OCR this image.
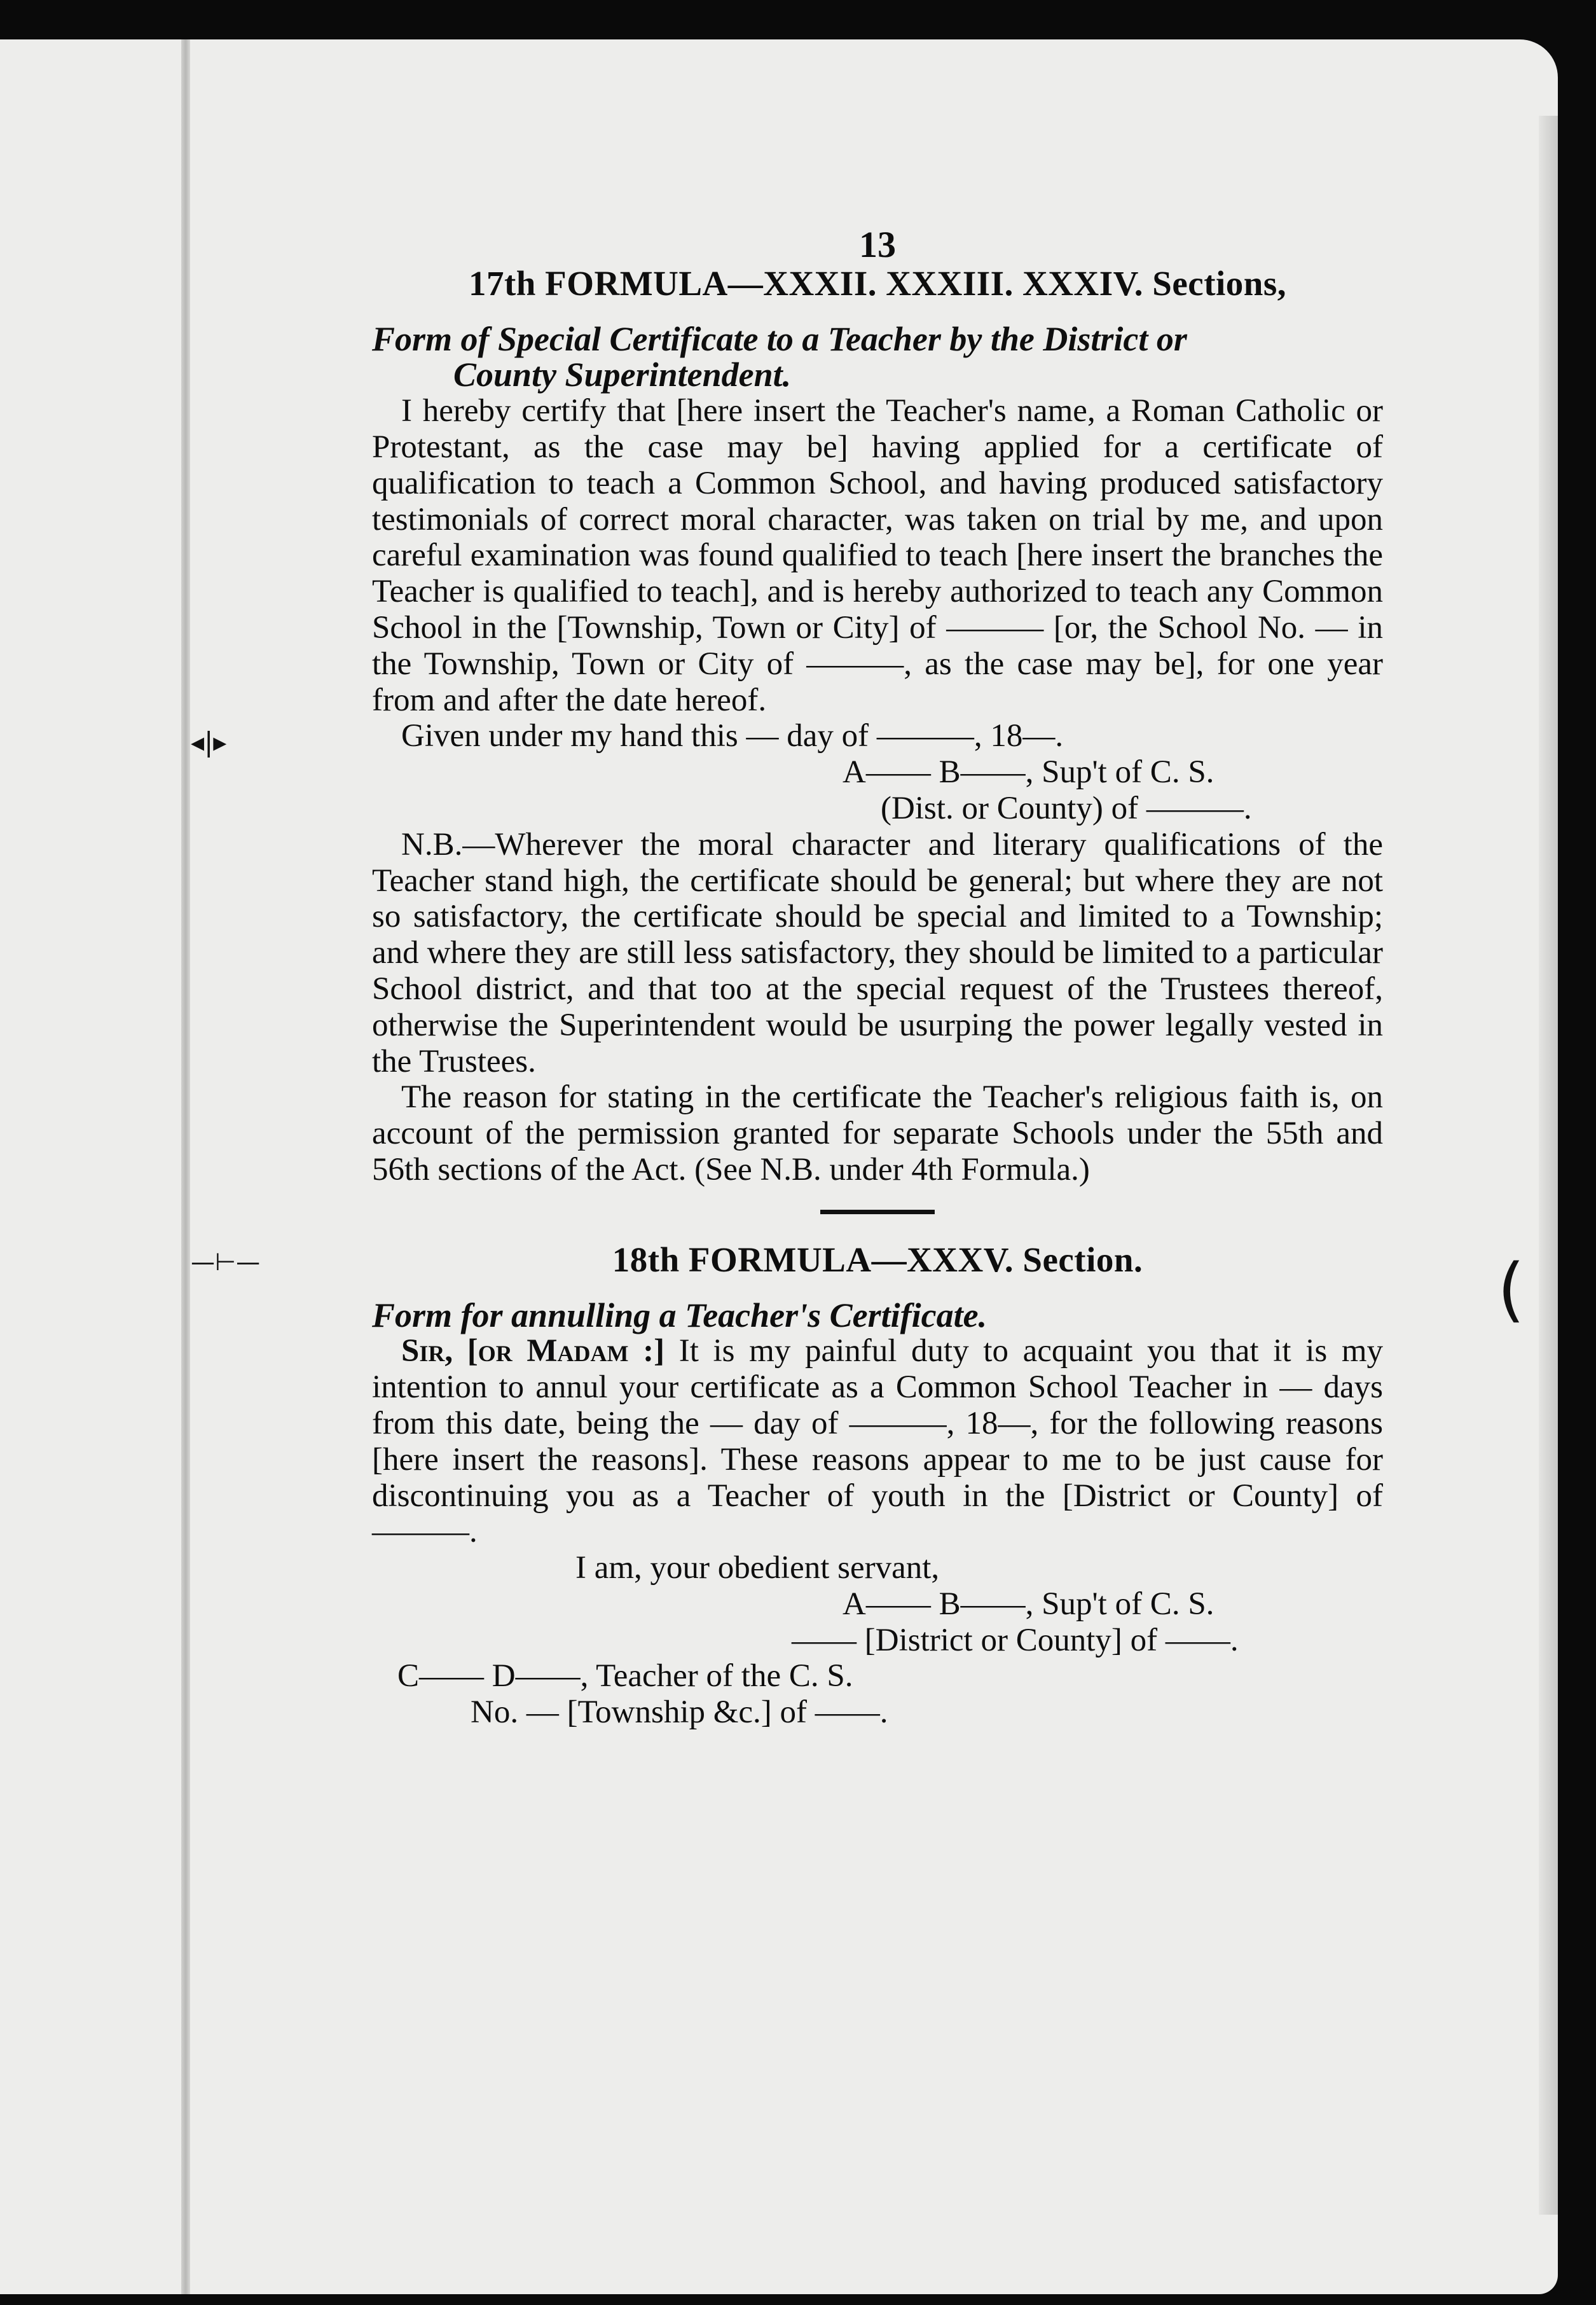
◂|▸
—⊢—	(
13
17th FORMULA—XXXII. XXXIII. XXXIV. Sections,
Form of Special Certificate to a Teacher by the District or
County Superintendent.

I hereby certify that [here insert the Teacher's name, a Roman Catholic or Protestant, as the case may be] having applied for a certificate of qualification to teach a Common School, and having produced satisfactory testimonials of correct moral character, was taken on trial by me, and upon careful examination was found qualified to teach [here insert the branches the Teacher is qualified to teach], and is hereby authorized to teach any Common School in the [Township, Town or City] of ——— [or, the School No. — in the Township, Town or City of ———, as the case may be], for one year from and after the date hereof.

Given under my hand this — day of ———, 18—.

A—— B——, Sup't of C. S.

(Dist. or County) of ———.

N.B.—Wherever the moral character and literary qualifications of the Teacher stand high, the certificate should be general; but where they are not so satisfactory, the certificate should be special and limited to a Township; and where they are still less satisfactory, they should be limited to a particular School district, and that too at the special request of the Trustees thereof, otherwise the Superintendent would be usurping the power legally vested in the Trustees.

The reason for stating in the certificate the Teacher's religious faith is, on account of the permission granted for separate Schools under the 55th and 56th sections of the Act. (See N.B. under 4th Formula.)

18th FORMULA—XXXV. Section.
Form for annulling a Teacher's Certificate.

Sir, [or Madam :] It is my painful duty to acquaint you that it is my intention to annul your certificate as a Common School Teacher in — days from this date, being the — day of ———, 18—, for the following reasons [here insert the reasons]. These reasons appear to me to be just cause for discontinuing you as a Teacher of youth in the [District or County] of ———.

I am, your obedient servant,

A—— B——, Sup't of C. S.

—— [District or County] of ——.

C—— D——, Teacher of the C. S.

No. — [Township &c.] of ——.
